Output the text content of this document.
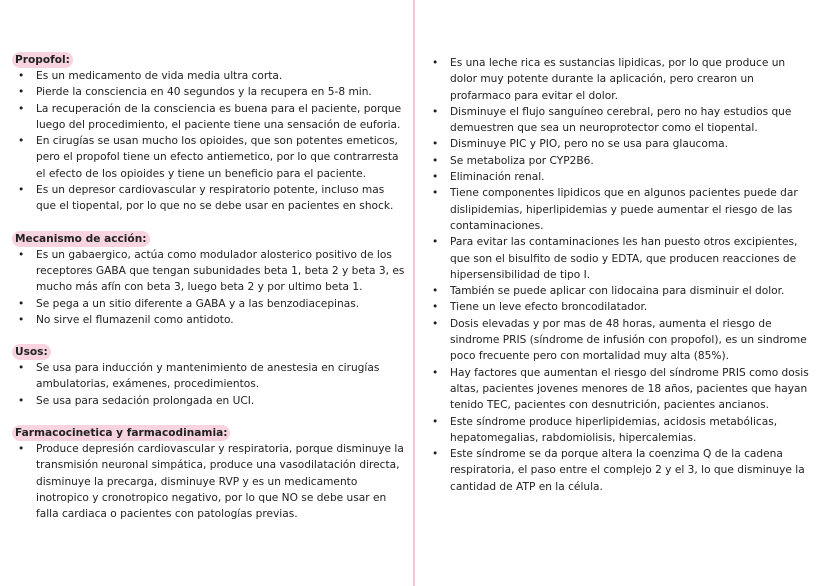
Propofol:
• Es un medicamento de vida media ultra corta.
• Pierde la consciencia en 40 segundos y la recupera en 5-8 min.
• La recuperación de la consciencia es buena para el paciente, porque luego del procedimiento, el paciente tiene una sensación de euforia.
• En cirugías se usan mucho los opioides, que son potentes emeticos, pero el propofol tiene un efecto antiemetico, por lo que contrarresta el efecto de los opioides y tiene un beneficio para el paciente.
• Es un depresor cardiovascular y respiratorio potente, incluso mas que el tiopental, por lo que no se debe usar en pacientes en shock.
Mecanismo de acción:
• Es un gabaergico, actúa como modulador alosterico positivo de los receptores GABA que tengan subunidades beta 1, beta 2 y beta 3, es mucho más afín con beta 3, luego beta 2 y por ultimo beta 1.
• Se pega a un sitio diferente a GABA y a las benzodiacepinas.
• No sirve el flumazenil como antidoto.
Usos:
• Se usa para inducción y mantenimiento de anestesia en cirugías ambulatorias, exámenes, procedimientos.
• Se usa para sedación prolongada en UCI.
Farmacocinetica y farmacodinamia:
• Produce depresión cardiovascular y respiratoria, porque disminuye la transmisión neuronal simpática, produce una vasodilatación directa, disminuye la precarga, disminuye RVP y es un medicamento inotropico y cronotropico negativo, por lo que NO se debe usar en falla cardiaca o pacientes con patologías previas.
• Es una leche rica es sustancias lipidicas, por lo que produce un dolor muy potente durante la aplicación, pero crearon un profarmaco para evitar el dolor.
• Disminuye el flujo sanguíneo cerebral, pero no hay estudios que demuestren que sea un neuroprotector como el tiopental.
• Disminuye PIC y PIO, pero no se usa para glaucoma.
• Se metaboliza por CYP2B6.
• Eliminación renal.
• Tiene componentes lipidicos que en algunos pacientes puede dar dislipidemias, hiperlipidemias y puede aumentar el riesgo de las contaminaciones.
• Para evitar las contaminaciones les han puesto otros excipientes, que son el bisulfito de sodio y EDTA, que producen reacciones de hipersensibilidad de tipo I.
• También se puede aplicar con lidocaina para disminuir el dolor.
• Tiene un leve efecto broncodilatador.
• Dosis elevadas y por mas de 48 horas, aumenta el riesgo de sindrome PRIS (síndrome de infusión con propofol), es un sindrome poco frecuente pero con mortalidad muy alta (85%).
• Hay factores que aumentan el riesgo del síndrome PRIS como dosis altas, pacientes jovenes menores de 18 años, pacientes que hayan tenido TEC, pacientes con desnutrición, pacientes ancianos.
• Este síndrome produce hiperlipidemias, acidosis metabólicas, hepatomegalias, rabdomiolisis, hipercalemias.
• Este síndrome se da porque altera la coenzima Q de la cadena respiratoria, el paso entre el complejo 2 y el 3, lo que disminuye la cantidad de ATP en la célula.
